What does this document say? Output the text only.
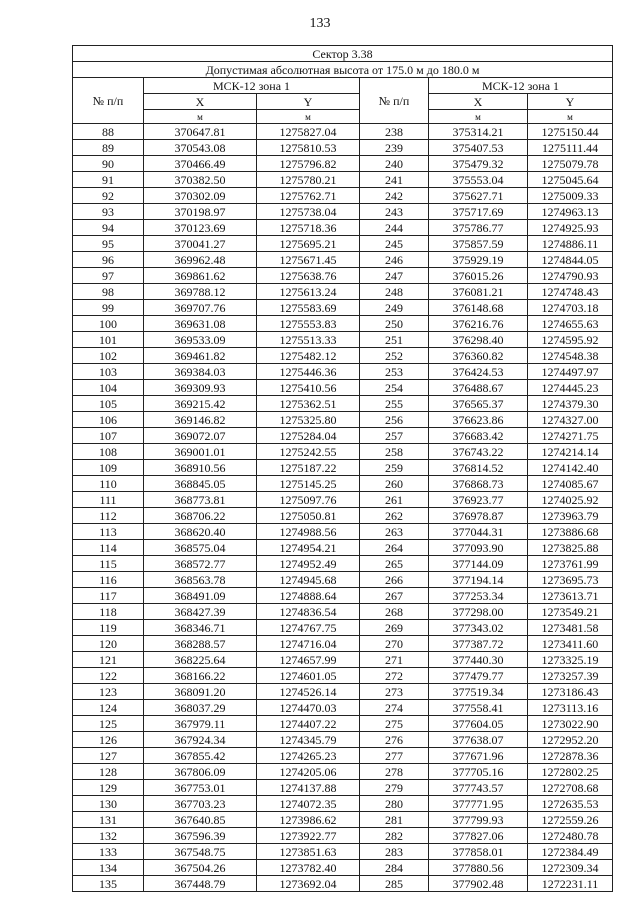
133
Сектор 3.38					
Допустимая абсолютная высота от 175.0 м до 180.0 м					
№ п/п	МСК-12 зона 1		№ п/п	МСК-12 зона 1	
	X	Y		X	Y
	м	м		м	м
88	370647.81	1275827.04	238	375314.21	1275150.44
89	370543.08	1275810.53	239	375407.53	1275111.44
90	370466.49	1275796.82	240	375479.32	1275079.78
91	370382.50	1275780.21	241	375553.04	1275045.64
92	370302.09	1275762.71	242	375627.71	1275009.33
93	370198.97	1275738.04	243	375717.69	1274963.13
94	370123.69	1275718.36	244	375786.77	1274925.93
95	370041.27	1275695.21	245	375857.59	1274886.11
96	369962.48	1275671.45	246	375929.19	1274844.05
97	369861.62	1275638.76	247	376015.26	1274790.93
98	369788.12	1275613.24	248	376081.21	1274748.43
99	369707.76	1275583.69	249	376148.68	1274703.18
100	369631.08	1275553.83	250	376216.76	1274655.63
101	369533.09	1275513.33	251	376298.40	1274595.92
102	369461.82	1275482.12	252	376360.82	1274548.38
103	369384.03	1275446.36	253	376424.53	1274497.97
104	369309.93	1275410.56	254	376488.67	1274445.23
105	369215.42	1275362.51	255	376565.37	1274379.30
106	369146.82	1275325.80	256	376623.86	1274327.00
107	369072.07	1275284.04	257	376683.42	1274271.75
108	369001.01	1275242.55	258	376743.22	1274214.14
109	368910.56	1275187.22	259	376814.52	1274142.40
110	368845.05	1275145.25	260	376868.73	1274085.67
111	368773.81	1275097.76	261	376923.77	1274025.92
112	368706.22	1275050.81	262	376978.87	1273963.79
113	368620.40	1274988.56	263	377044.31	1273886.68
114	368575.04	1274954.21	264	377093.90	1273825.88
115	368572.77	1274952.49	265	377144.09	1273761.99
116	368563.78	1274945.68	266	377194.14	1273695.73
117	368491.09	1274888.64	267	377253.34	1273613.71
118	368427.39	1274836.54	268	377298.00	1273549.21
119	368346.71	1274767.75	269	377343.02	1273481.58
120	368288.57	1274716.04	270	377387.72	1273411.60
121	368225.64	1274657.99	271	377440.30	1273325.19
122	368166.22	1274601.05	272	377479.77	1273257.39
123	368091.20	1274526.14	273	377519.34	1273186.43
124	368037.29	1274470.03	274	377558.41	1273113.16
125	367979.11	1274407.22	275	377604.05	1273022.90
126	367924.34	1274345.79	276	377638.07	1272952.20
127	367855.42	1274265.23	277	377671.96	1272878.36
128	367806.09	1274205.06	278	377705.16	1272802.25
129	367753.01	1274137.88	279	377743.57	1272708.68
130	367703.23	1274072.35	280	377771.95	1272635.53
131	367640.85	1273986.62	281	377799.93	1272559.26
132	367596.39	1273922.77	282	377827.06	1272480.78
133	367548.75	1273851.63	283	377858.01	1272384.49
134	367504.26	1273782.40	284	377880.56	1272309.34
135	367448.79	1273692.04	285	377902.48	1272231.11
